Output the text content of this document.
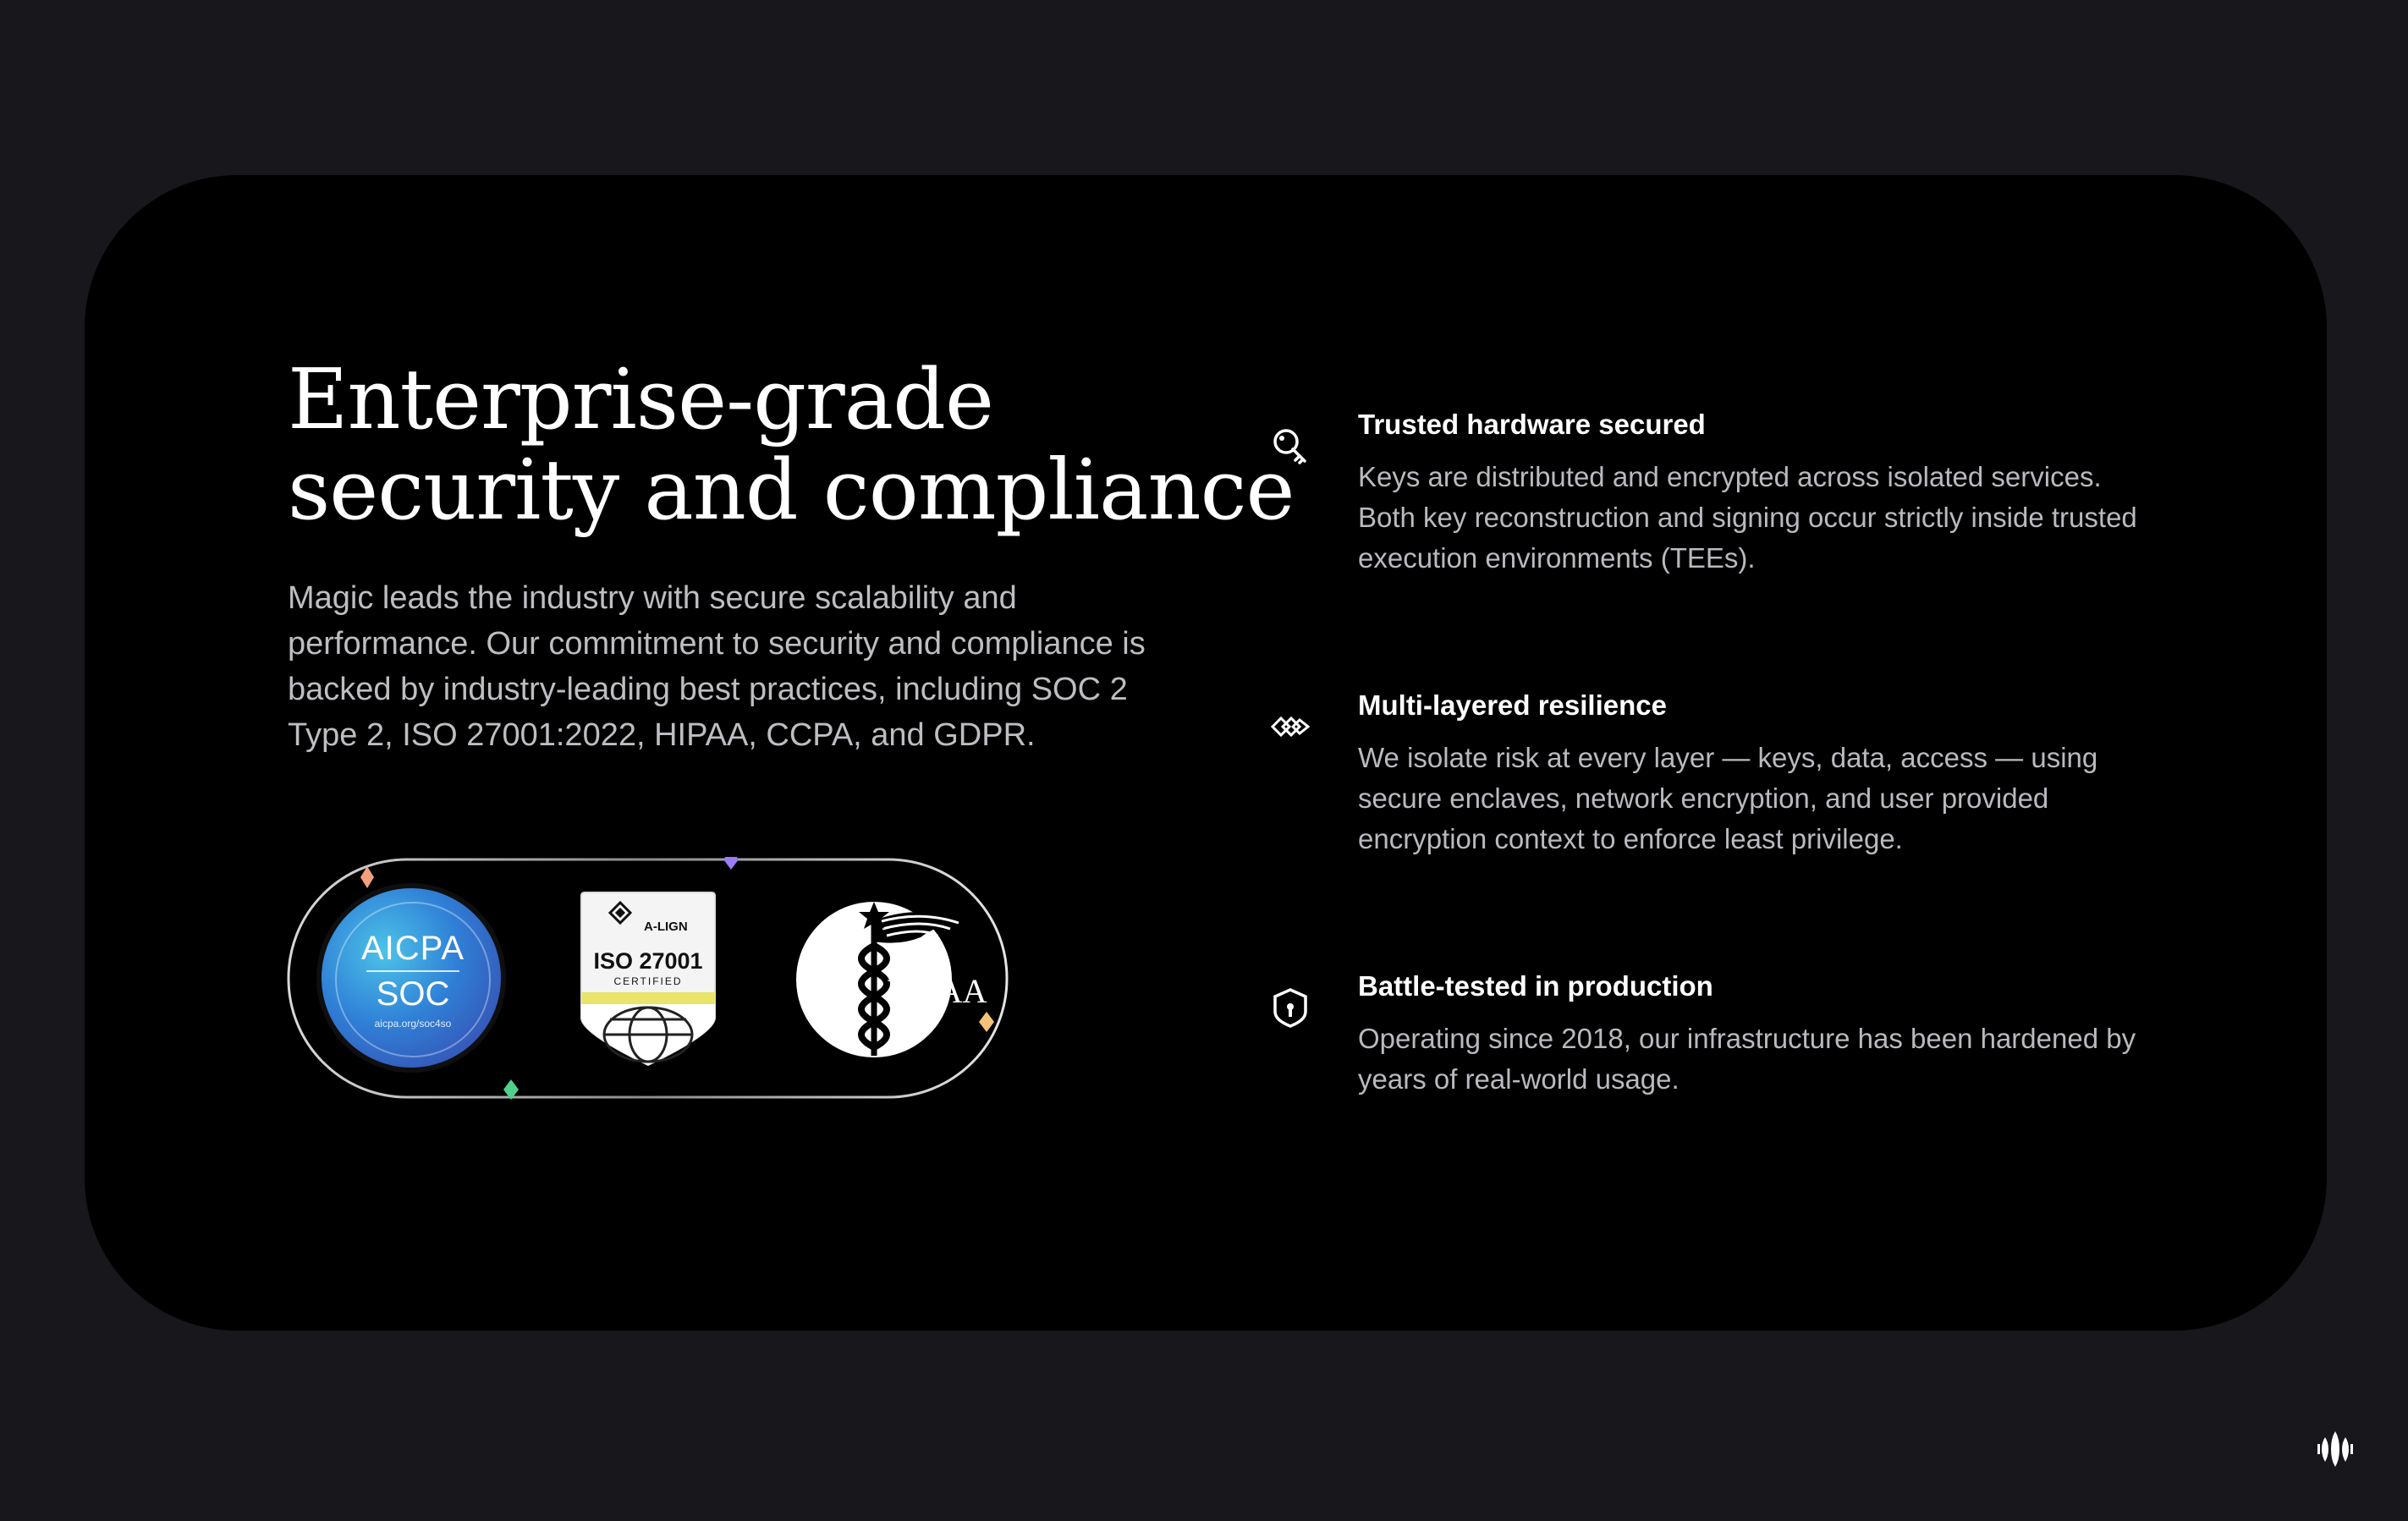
Enterprise-grade
security and compliance

Magic leads the industry with secure scalability and performance. Our commitment to security and compliance is backed by industry-leading best practices, including SOC 2 Type 2, ISO 27001:2022, HIPAA, CCPA, and GDPR.

AICPA
SOC
aicpa.org/soc4so
A-LIGN
ISO 27001
CERTIFIED	HIPAA
Trusted hardware secured

Keys are distributed and encrypted across isolated services. Both key reconstruction and signing occur strictly inside trusted execution environments (TEEs).

Multi-layered resilience

We isolate risk at every layer — keys, data, access — using secure enclaves, network encryption, and user provided encryption context to enforce least privilege.

Battle-tested in production

Operating since 2018, our infrastructure has been hardened by years of real-world usage.
